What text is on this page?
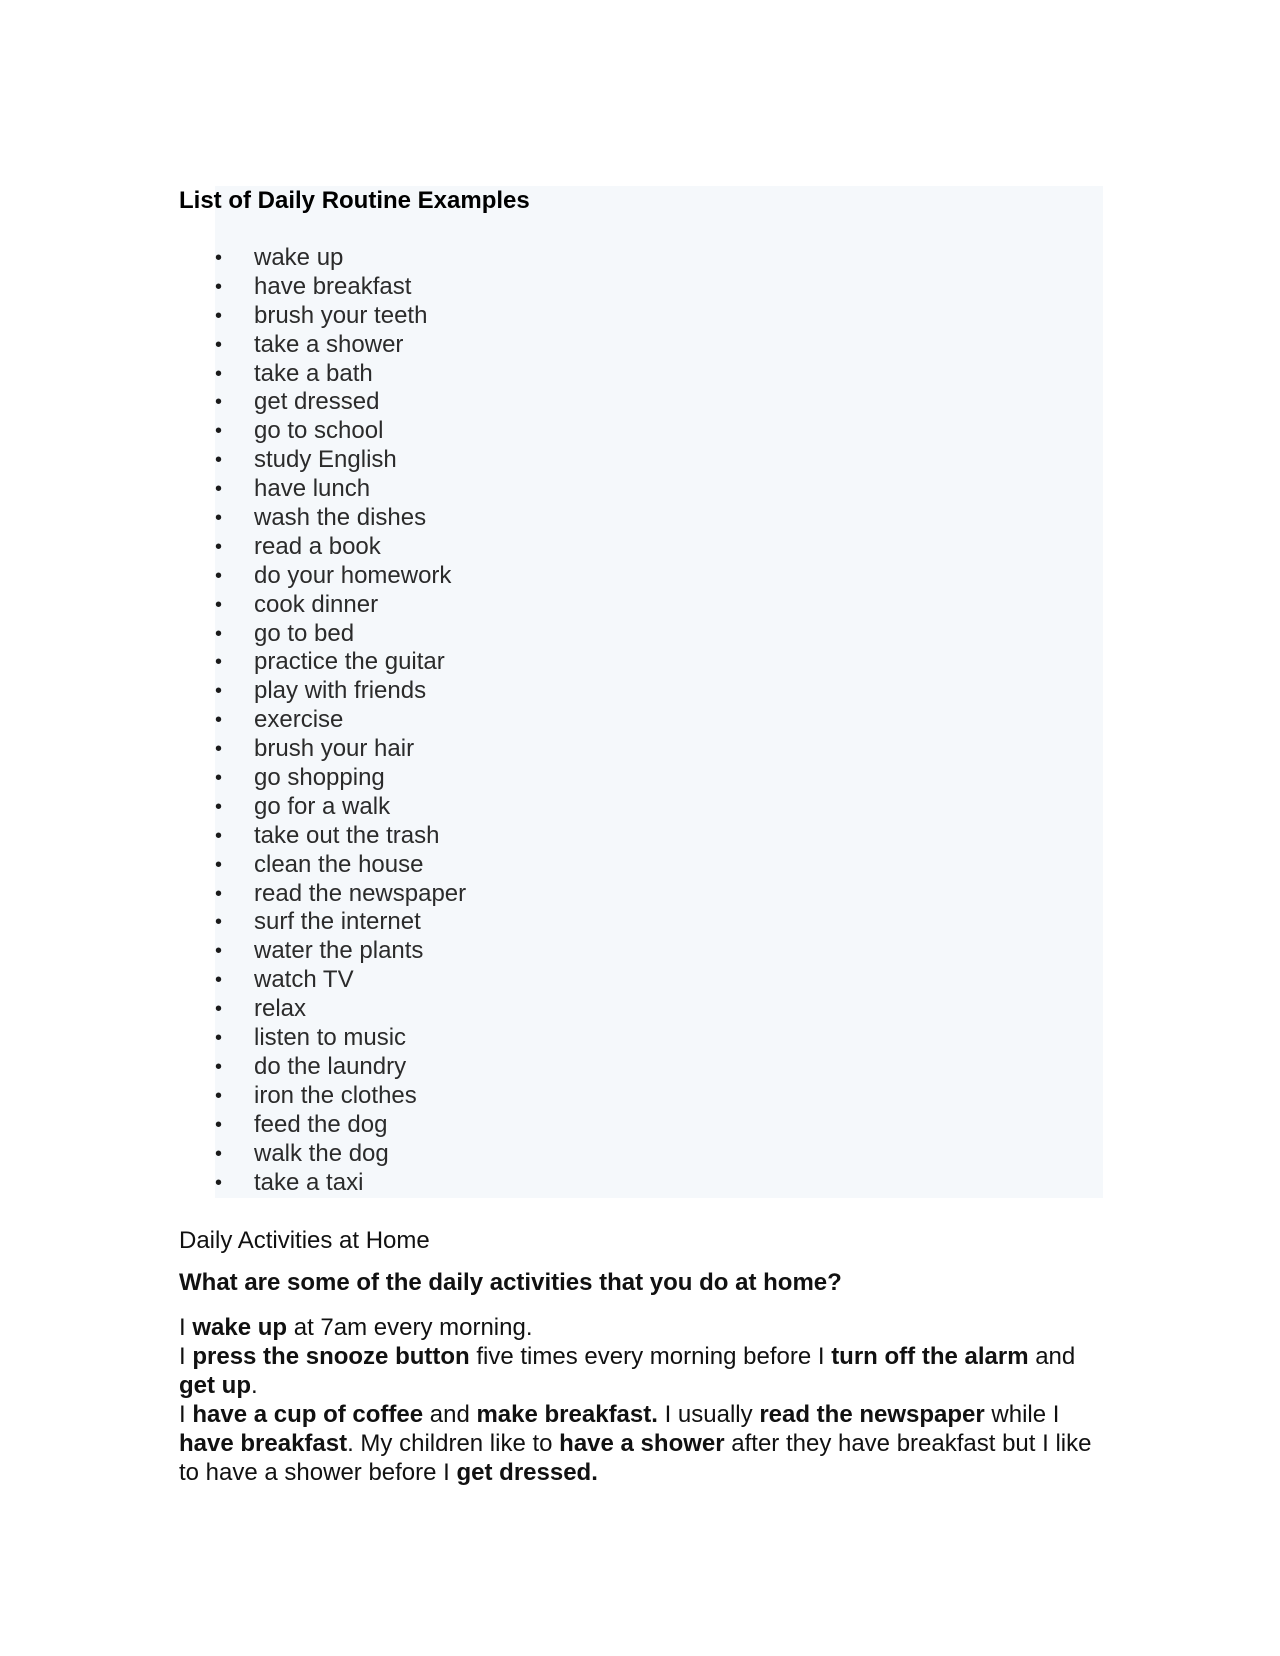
List of Daily Routine Examples
• wake up
• have breakfast
• brush your teeth
• take a shower
• take a bath
• get dressed
• go to school
• study English
• have lunch
• wash the dishes
• read a book
• do your homework
• cook dinner
• go to bed
• practice the guitar
• play with friends
• exercise
• brush your hair
• go shopping
• go for a walk
• take out the trash
• clean the house
• read the newspaper
• surf the internet
• water the plants
• watch TV
• relax
• listen to music
• do the laundry
• iron the clothes
• feed the dog
• walk the dog
• take a taxi
Daily Activities at Home

What are some of the daily activities that you do at home?

I wake up at 7am every morning.
I press the snooze button five times every morning before I turn off the alarm and get up.
I have a cup of coffee and make breakfast. I usually read the newspaper while I have breakfast. My children like to have a shower after they have breakfast but I like to have a shower before I get dressed.
